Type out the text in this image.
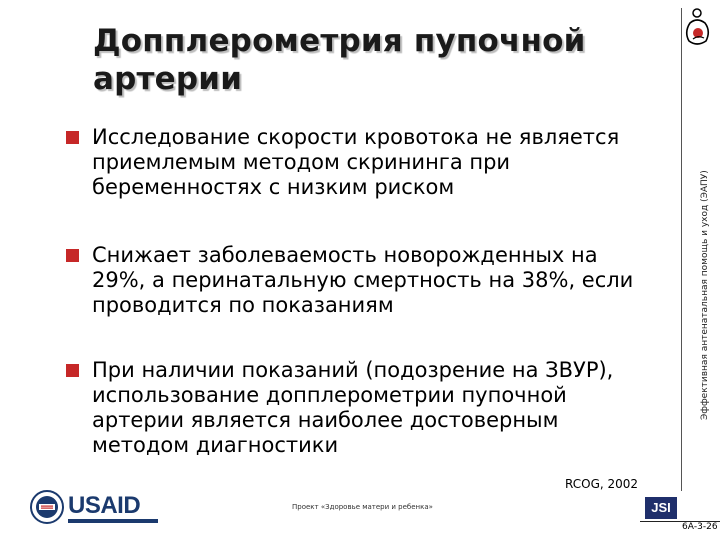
Эффективная антенатальная помощь и уход (ЭАПУ)
Допплерометрия пупочной артерии
Исследование скорости кровотока не является приемлемым методом скрининга при беременностях с низким риском
Снижает заболеваемость новорожденных на 29%, а перинатальную смертность на 38%, если проводится по показаниям
При наличии показаний (подозрение на ЗВУР), использование допплерометрии пупочной артерии является наиболее достоверным методом диагностики
RCOG, 2002
USAID	Проект «Здоровье матери и ребенка»	JSI
6А-3-26
